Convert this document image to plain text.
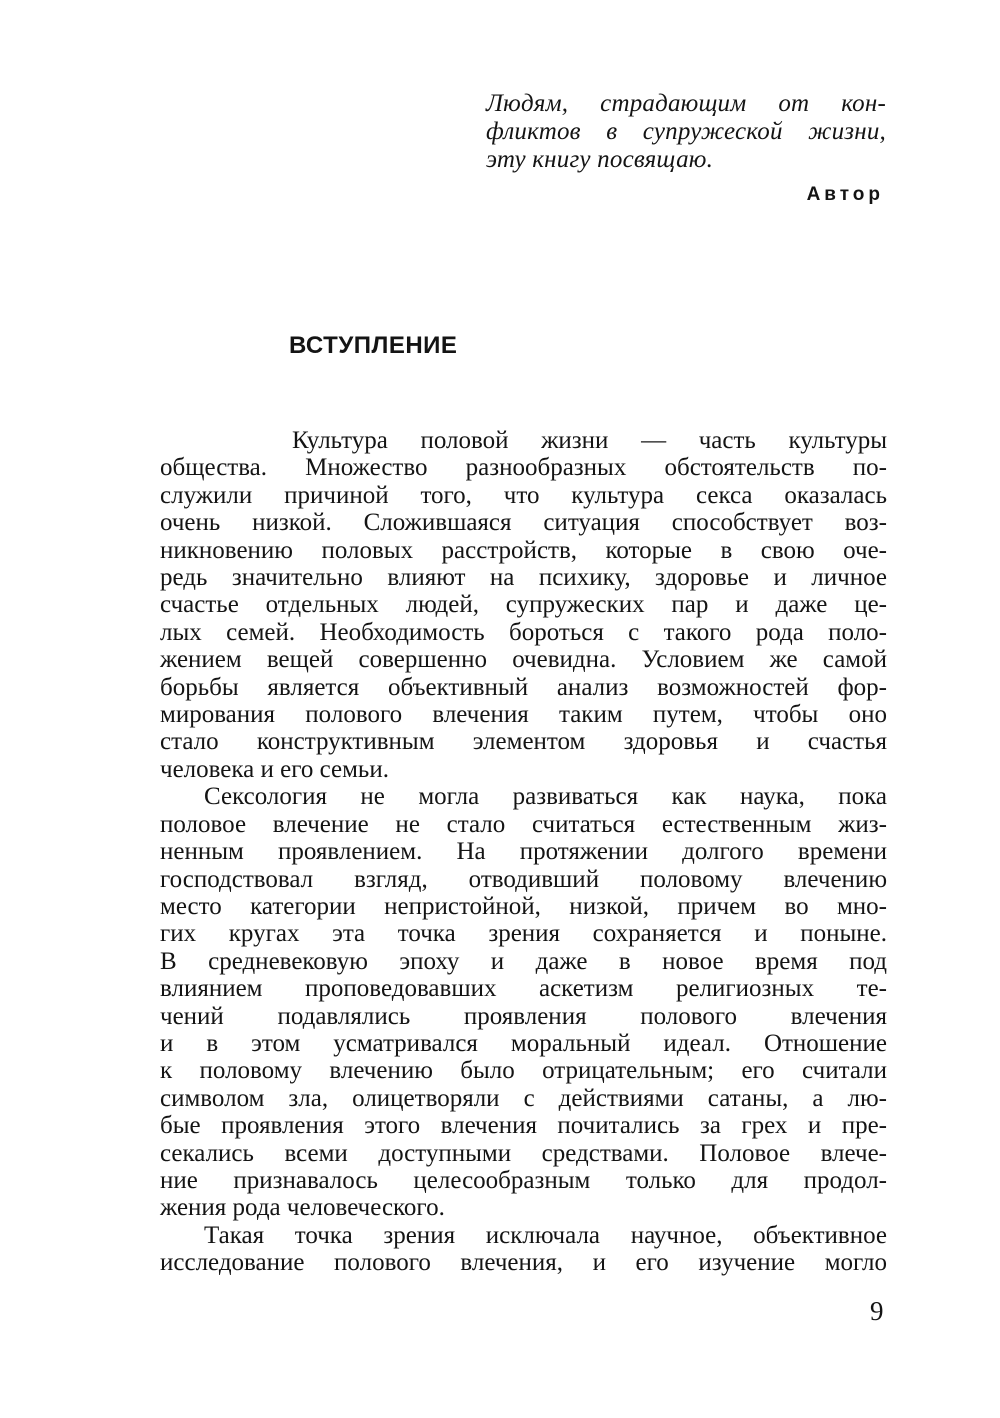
Людям, страдающим от кон-
фликтов в супружеской жизни,
эту книгу посвящаю.
Автор
ВСТУПЛЕНИЕ
Культура половой жизни — часть культуры
общества. Множество разнообразных обстоятельств по-
служили причиной того, что культура секса оказалась
очень низкой. Сложившаяся ситуация способствует воз-
никновению половых расстройств, которые в свою оче-
редь значительно влияют на психику, здоровье и личное
счастье отдельных людей, супружеских пар и даже це-
лых семей. Необходимость бороться с такого рода поло-
жением вещей совершенно очевидна. Условием же самой
борьбы является объективный анализ возможностей фор-
мирования полового влечения таким путем, чтобы оно
стало конструктивным элементом здоровья и счастья
человека и его семьи.
Сексология не могла развиваться как наука, пока
половое влечение не стало считаться естественным жиз-
ненным проявлением. На протяжении долгого времени
господствовал взгляд, отводивший половому влечению
место категории непристойной, низкой, причем во мно-
гих кругах эта точка зрения сохраняется и поныне.
В средневековую эпоху и даже в новое время под
влиянием проповедовавших аскетизм религиозных те-
чений подавлялись проявления полового влечения
и в этом усматривался моральный идеал. Отношение
к половому влечению было отрицательным; его считали
символом зла, олицетворяли с действиями сатаны, а лю-
бые проявления этого влечения почитались за грех и пре-
секались всеми доступными средствами. Половое влече-
ние признавалось целесообразным только для продол-
жения рода человеческого.
Такая точка зрения исключала научное, объективное
исследование полового влечения, и его изучение могло
9
